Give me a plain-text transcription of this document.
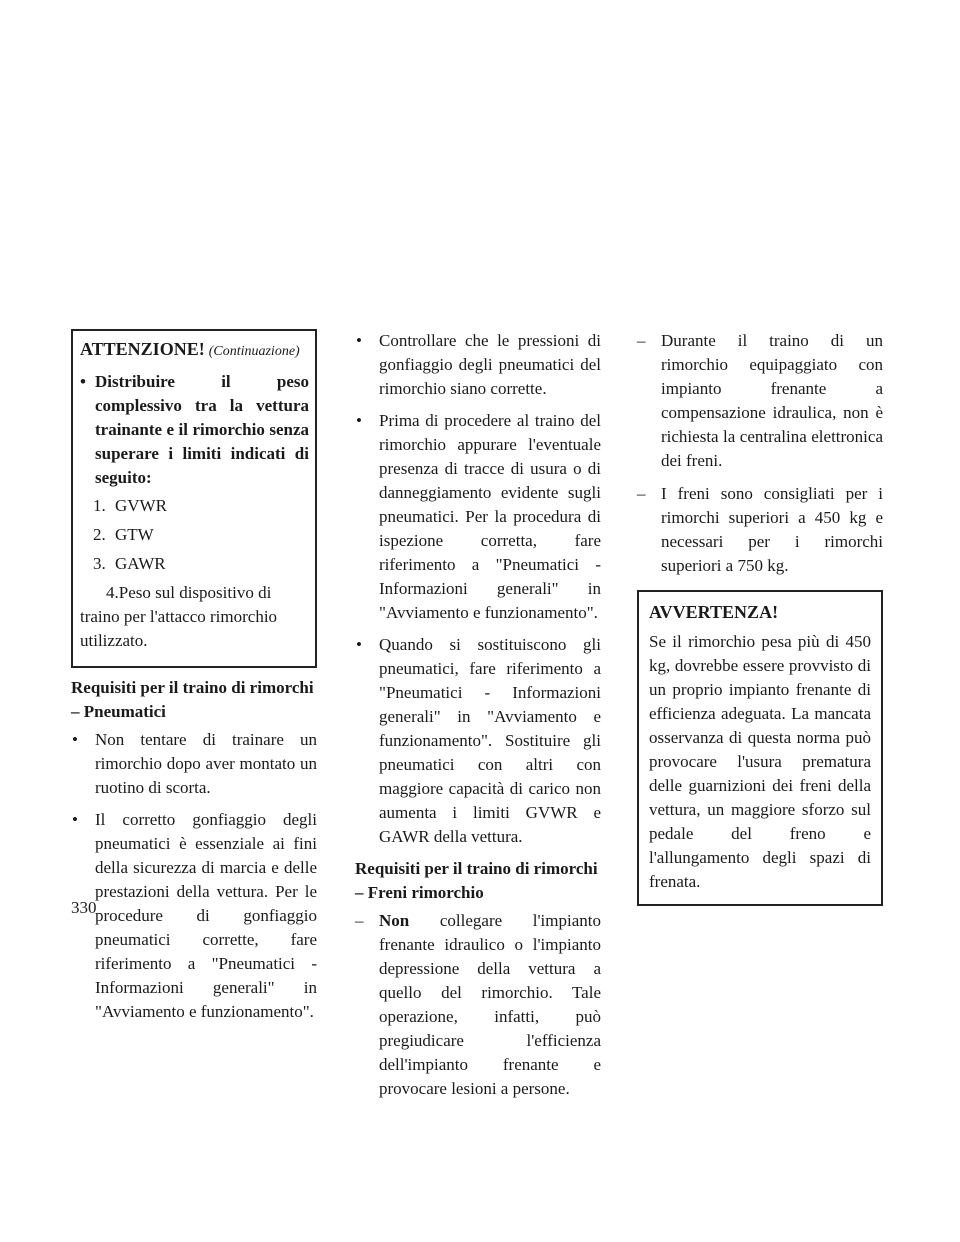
ATTENZIONE! (Continuazione)
• Distribuire il peso complessivo tra la vettura trainante e il rimorchio senza superare i limiti indicati di seguito:
1. GVWR
2. GTW
3. GAWR
4.Peso sul dispositivo di traino per l'attacco rimorchio utilizzato.
Requisiti per il traino di rimorchi – Pneumatici
• Non tentare di trainare un rimorchio dopo aver montato un ruotino di scorta.
• Il corretto gonfiaggio degli pneumatici è essenziale ai fini della sicurezza di marcia e delle prestazioni della vettura. Per le procedure di gonfiaggio pneumatici corrette, fare riferimento a "Pneumatici - Informazioni generali" in "Avviamento e funzionamento".
• Controllare che le pressioni di gonfiaggio degli pneumatici del rimorchio siano corrette.
• Prima di procedere al traino del rimorchio appurare l'eventuale presenza di tracce di usura o di danneggiamento evidente sugli pneumatici. Per la procedura di ispezione corretta, fare riferimento a "Pneumatici - Informazioni generali" in "Avviamento e funzionamento".
• Quando si sostituiscono gli pneumatici, fare riferimento a "Pneumatici - Informazioni generali" in "Avviamento e funzionamento". Sostituire gli pneumatici con altri con maggiore capacità di carico non aumenta i limiti GVWR e GAWR della vettura.
Requisiti per il traino di rimorchi – Freni rimorchio
– Non collegare l'impianto frenante idraulico o l'impianto depressione della vettura a quello del rimorchio. Tale operazione, infatti, può pregiudicare l'efficienza dell'impianto frenante e provocare lesioni a persone.
– Durante il traino di un rimorchio equipaggiato con impianto frenante a compensazione idraulica, non è richiesta la centralina elettronica dei freni.
– I freni sono consigliati per i rimorchi superiori a 450 kg e necessari per i rimorchi superiori a 750 kg.
AVVERTENZA!

Se il rimorchio pesa più di 450 kg, dovrebbe essere provvisto di un proprio impianto frenante di efficienza adeguata. La mancata osservanza di questa norma può provocare l'usura prematura delle guarnizioni dei freni della vettura, un maggiore sforzo sul pedale del freno e l'allungamento degli spazi di frenata.

330
